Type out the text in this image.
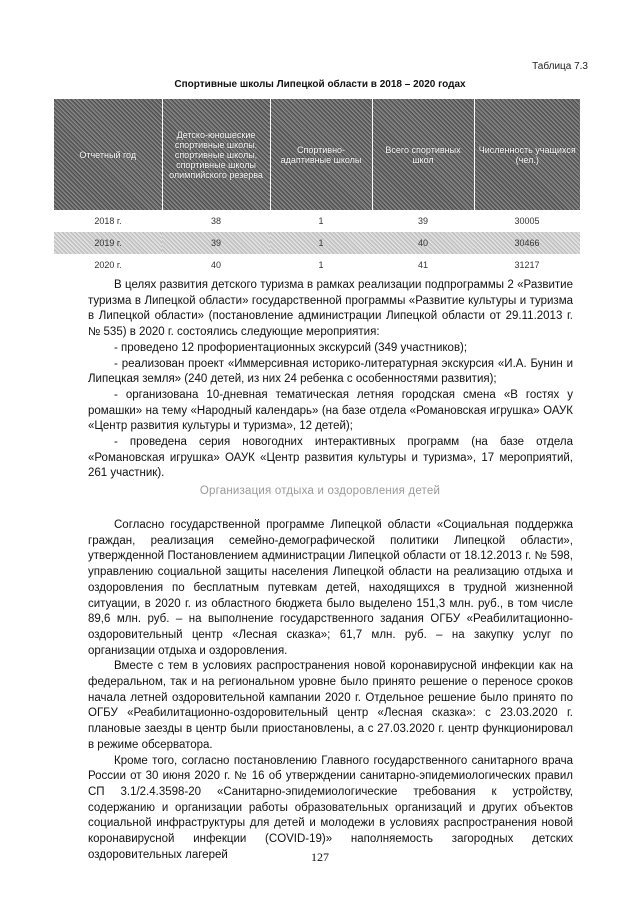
Таблица 7.3
Спортивные школы Липецкой области в 2018 – 2020 годах
Отчетный год	Детско-юношеские спортивные школы, спортивные школы, спортивные школы олимпийского резерва	Спортивно-адаптивные школы	Всего спортивных школ	Численность учащихся (чел.)
2018 г.	38	1	39	30005
2019 г.	39	1	40	30466
2020 г.	40	1	41	31217
В целях развития детского туризма в рамках реализации подпрограммы 2 «Развитие туризма в Липецкой области» государственной программы «Развитие культуры и туризма в Липецкой области» (постановление администрации Липецкой области от 29.11.2013 г. № 535) в 2020 г. состоялись следующие мероприятия:
- проведено 12 профориентационных экскурсий (349 участников);
- реализован проект «Иммерсивная историко-литературная экскурсия «И.А. Бунин и Липецкая земля» (240 детей, из них 24 ребенка с особенностями развития);
- организована 10-дневная тематическая летняя городская смена «В гостях у ромашки» на тему «Народный календарь» (на базе отдела «Романовская игрушка» ОАУК «Центр развития культуры и туризма», 12 детей);
- проведена серия новогодних интерактивных программ (на базе отдела «Романовская игрушка» ОАУК «Центр развития культуры и туризма», 17 мероприятий, 261 участник).
Организация отдыха и оздоровления детей
Согласно государственной программе Липецкой области «Социальная поддержка граждан, реализация семейно-демографической политики Липецкой области», утвержденной Постановлением администрации Липецкой области от 18.12.2013 г. № 598, управлению социальной защиты населения Липецкой области на реализацию отдыха и оздоровления по бесплатным путевкам детей, находящихся в трудной жизненной ситуации, в 2020 г. из областного бюджета было выделено 151,3 млн. руб., в том числе 89,6 млн. руб. – на выполнение государственного задания ОГБУ «Реабилитационно-оздоровительный центр «Лесная сказка»; 61,7 млн. руб. – на закупку услуг по организации отдыха и оздоровления.
Вместе с тем в условиях распространения новой коронавирусной инфекции как на федеральном, так и на региональном уровне было принято решение о переносе сроков начала летней оздоровительной кампании 2020 г. Отдельное решение было принято по ОГБУ «Реабилитационно-оздоровительный центр «Лесная сказка»: с 23.03.2020 г. плановые заезды в центр были приостановлены, а с 27.03.2020 г. центр функционировал в режиме обсерватора.
Кроме того, согласно постановлению Главного государственного санитарного врача России от 30 июня 2020 г. № 16 об утверждении санитарно-эпидемиологических правил СП 3.1/2.4.3598-20 «Санитарно-эпидемиологические требования к устройству, содержанию и организации работы образовательных организаций и других объектов социальной инфраструктуры для детей и молодежи в условиях распространения новой коронавирусной инфекции (COVID-19)» наполняемость загородных детских оздоровительных лагерей	127
